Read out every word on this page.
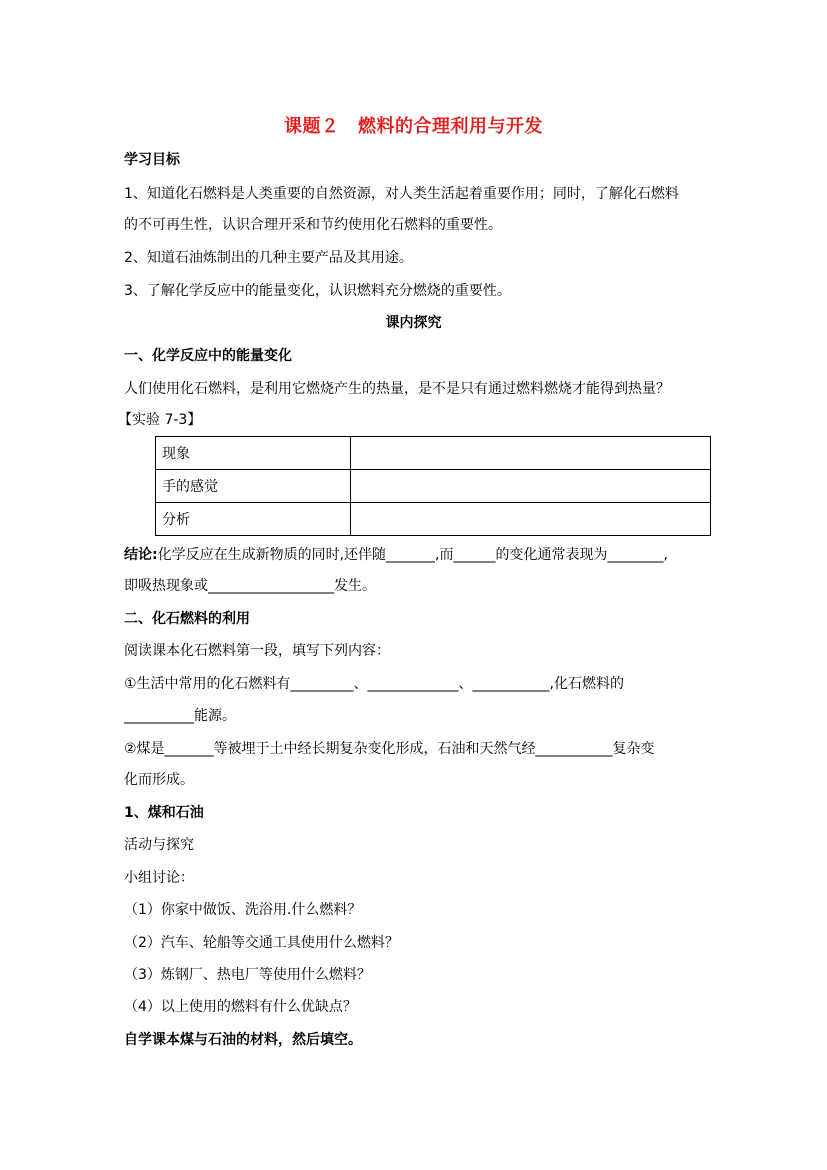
课题２　燃料的合理利用与开发
学习目标
1、知道化石燃料是人类重要的自然资源，对人类生活起着重要作用；同时，了解化石燃料
的不可再生性，认识合理开采和节约使用化石燃料的重要性。
2、知道石油炼制出的几种主要产品及其用途。
3、了解化学反应中的能量变化，认识燃料充分燃烧的重要性。
课内探究
一、化学反应中的能量变化
人们使用化石燃料，是利用它燃烧产生的热量，是不是只有通过燃料燃烧才能得到热量？
【实验 7-3】
现象	
手的感觉	
分析	
结论:化学反应在生成新物质的同时,还伴随_______,而______的变化通常表现为________,
即吸热现象或__________________发生。
二、化石燃料的利用
阅读课本化石燃料第一段，填写下列内容：
①生活中常用的化石燃料有_________、_____________、___________,化石燃料的
__________能源。
②煤是_______等被埋于土中经长期复杂变化形成，石油和天然气经___________复杂变
化而形成。
1、煤和石油
活动与探究
小组讨论：
（1）你家中做饭、洗浴用.什么燃料？
（2）汽车、轮船等交通工具使用什么燃料？
（3）炼钢厂、热电厂等使用什么燃料？
（4）以上使用的燃料有什么优缺点？
自学课本煤与石油的材料，然后填空。
